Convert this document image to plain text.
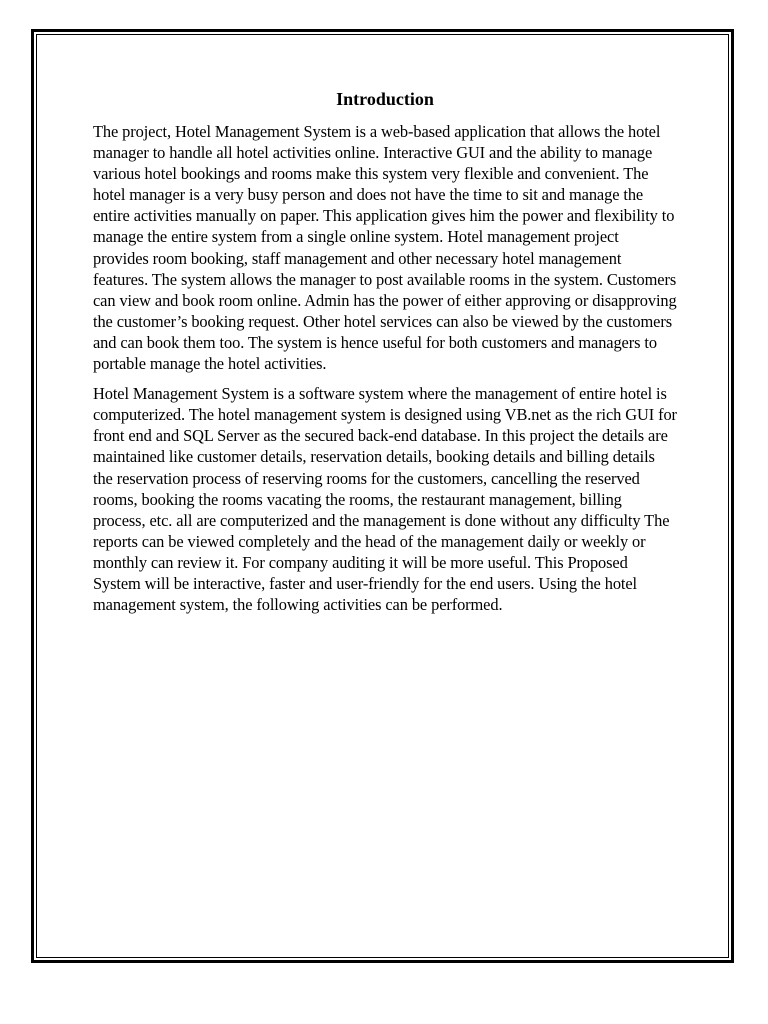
Introduction

The project, Hotel Management System is a web-based application that allows the hotel manager to handle all hotel activities online. Interactive GUI and the ability to manage various hotel bookings and rooms make this system very flexible and convenient. The hotel manager is a very busy person and does not have the time to sit and manage the entire activities manually on paper. This application gives him the power and flexibility to manage the entire system from a single online system. Hotel management project provides room booking, staff management and other necessary hotel management features. The system allows the manager to post available rooms in the system. Customers can view and book room online. Admin has the power of either approving or disapproving the customer’s booking request. Other hotel services can also be viewed by the customers and can book them too. The system is hence useful for both customers and managers to portable manage the hotel activities.

Hotel Management System is a software system where the management of entire hotel is computerized. The hotel management system is designed using VB.net as the rich GUI for front end and SQL Server as the secured back-end database. In this project the details are maintained like customer details, reservation details, booking details and billing details the reservation process of reserving rooms for the customers, cancelling the reserved rooms, booking the rooms vacating the rooms, the restaurant management, billing process, etc. all are computerized and the management is done without any difficulty The reports can be viewed completely and the head of the management daily or weekly or monthly can review it. For company auditing it will be more useful. This Proposed System will be interactive, faster and user-friendly for the end users. Using the hotel management system, the following activities can be performed.
